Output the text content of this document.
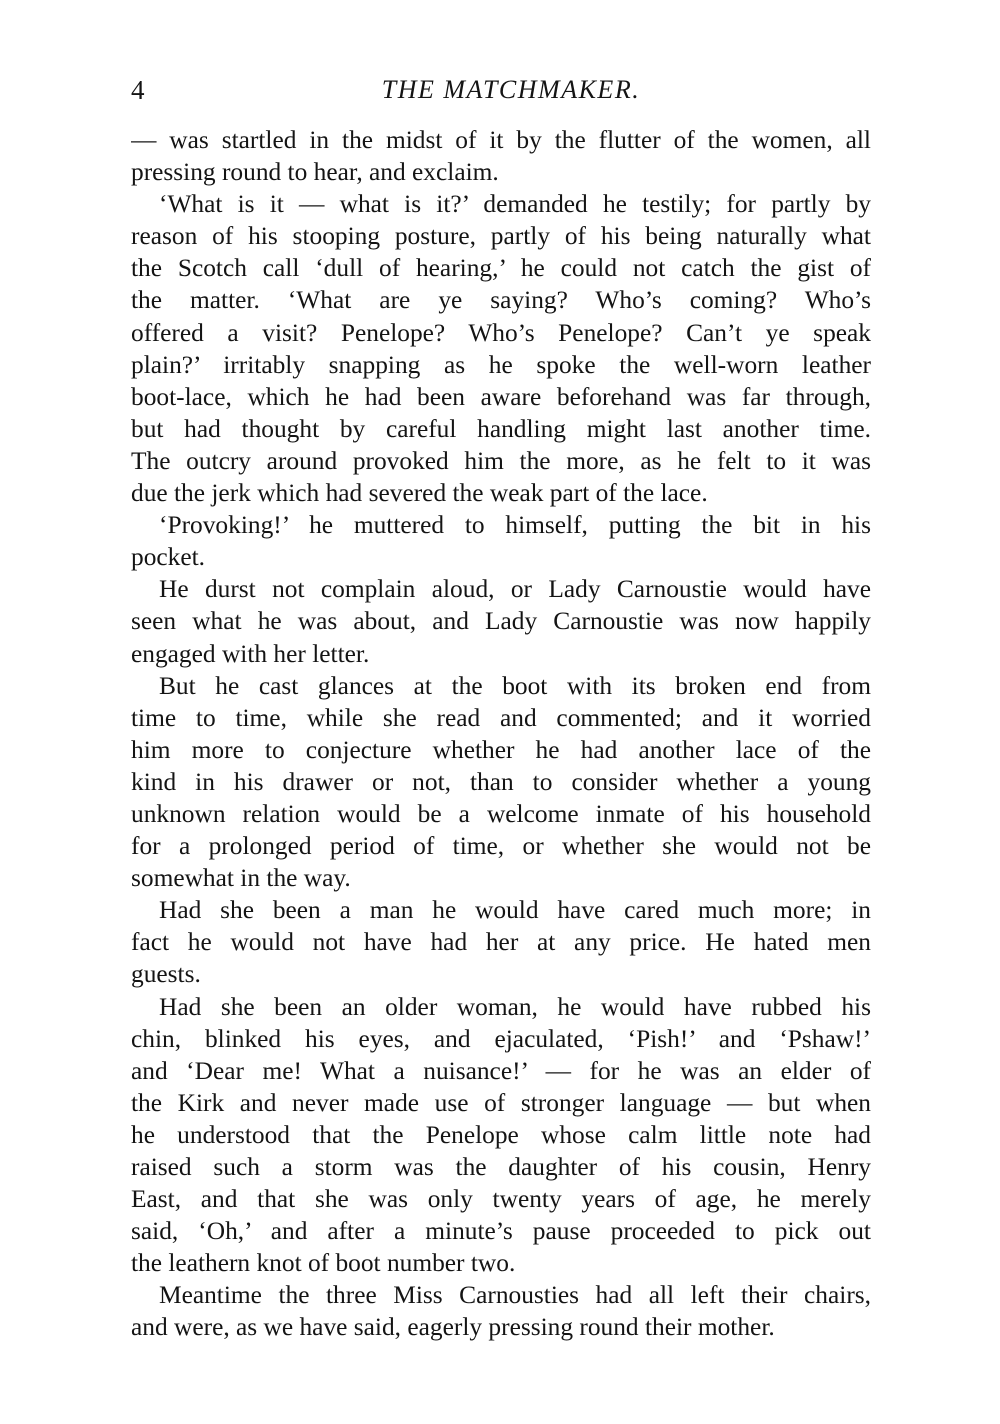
4	THE MATCHMAKER.
— was startled in the midst of it by the flutter of the women, all
pressing round to hear, and exclaim.
‘What is it — what is it?’ demanded he testily; for partly by
reason of his stooping posture, partly of his being naturally what
the Scotch call ‘dull of hearing,’ he could not catch the gist of
the matter. ‘What are ye saying? Who’s coming? Who’s
offered a visit? Penelope? Who’s Penelope? Can’t ye speak
plain?’ irritably snapping as he spoke the well-worn leather
boot-lace, which he had been aware beforehand was far through,
but had thought by careful handling might last another time.
The outcry around provoked him the more, as he felt to it was
due the jerk which had severed the weak part of the lace.
‘Provoking!’ he muttered to himself, putting the bit in his
pocket.
He durst not complain aloud, or Lady Carnoustie would have
seen what he was about, and Lady Carnoustie was now happily
engaged with her letter.
But he cast glances at the boot with its broken end from
time to time, while she read and commented; and it worried
him more to conjecture whether he had another lace of the
kind in his drawer or not, than to consider whether a young
unknown relation would be a welcome inmate of his household
for a prolonged period of time, or whether she would not be
somewhat in the way.
Had she been a man he would have cared much more; in
fact he would not have had her at any price. He hated men
guests.
Had she been an older woman, he would have rubbed his
chin, blinked his eyes, and ejaculated, ‘Pish!’ and ‘Pshaw!’
and ‘Dear me! What a nuisance!’ — for he was an elder of
the Kirk and never made use of stronger language — but when
he understood that the Penelope whose calm little note had
raised such a storm was the daughter of his cousin, Henry
East, and that she was only twenty years of age, he merely
said, ‘Oh,’ and after a minute’s pause proceeded to pick out
the leathern knot of boot number two.
Meantime the three Miss Carnousties had all left their chairs,
and were, as we have said, eagerly pressing round their mother.
